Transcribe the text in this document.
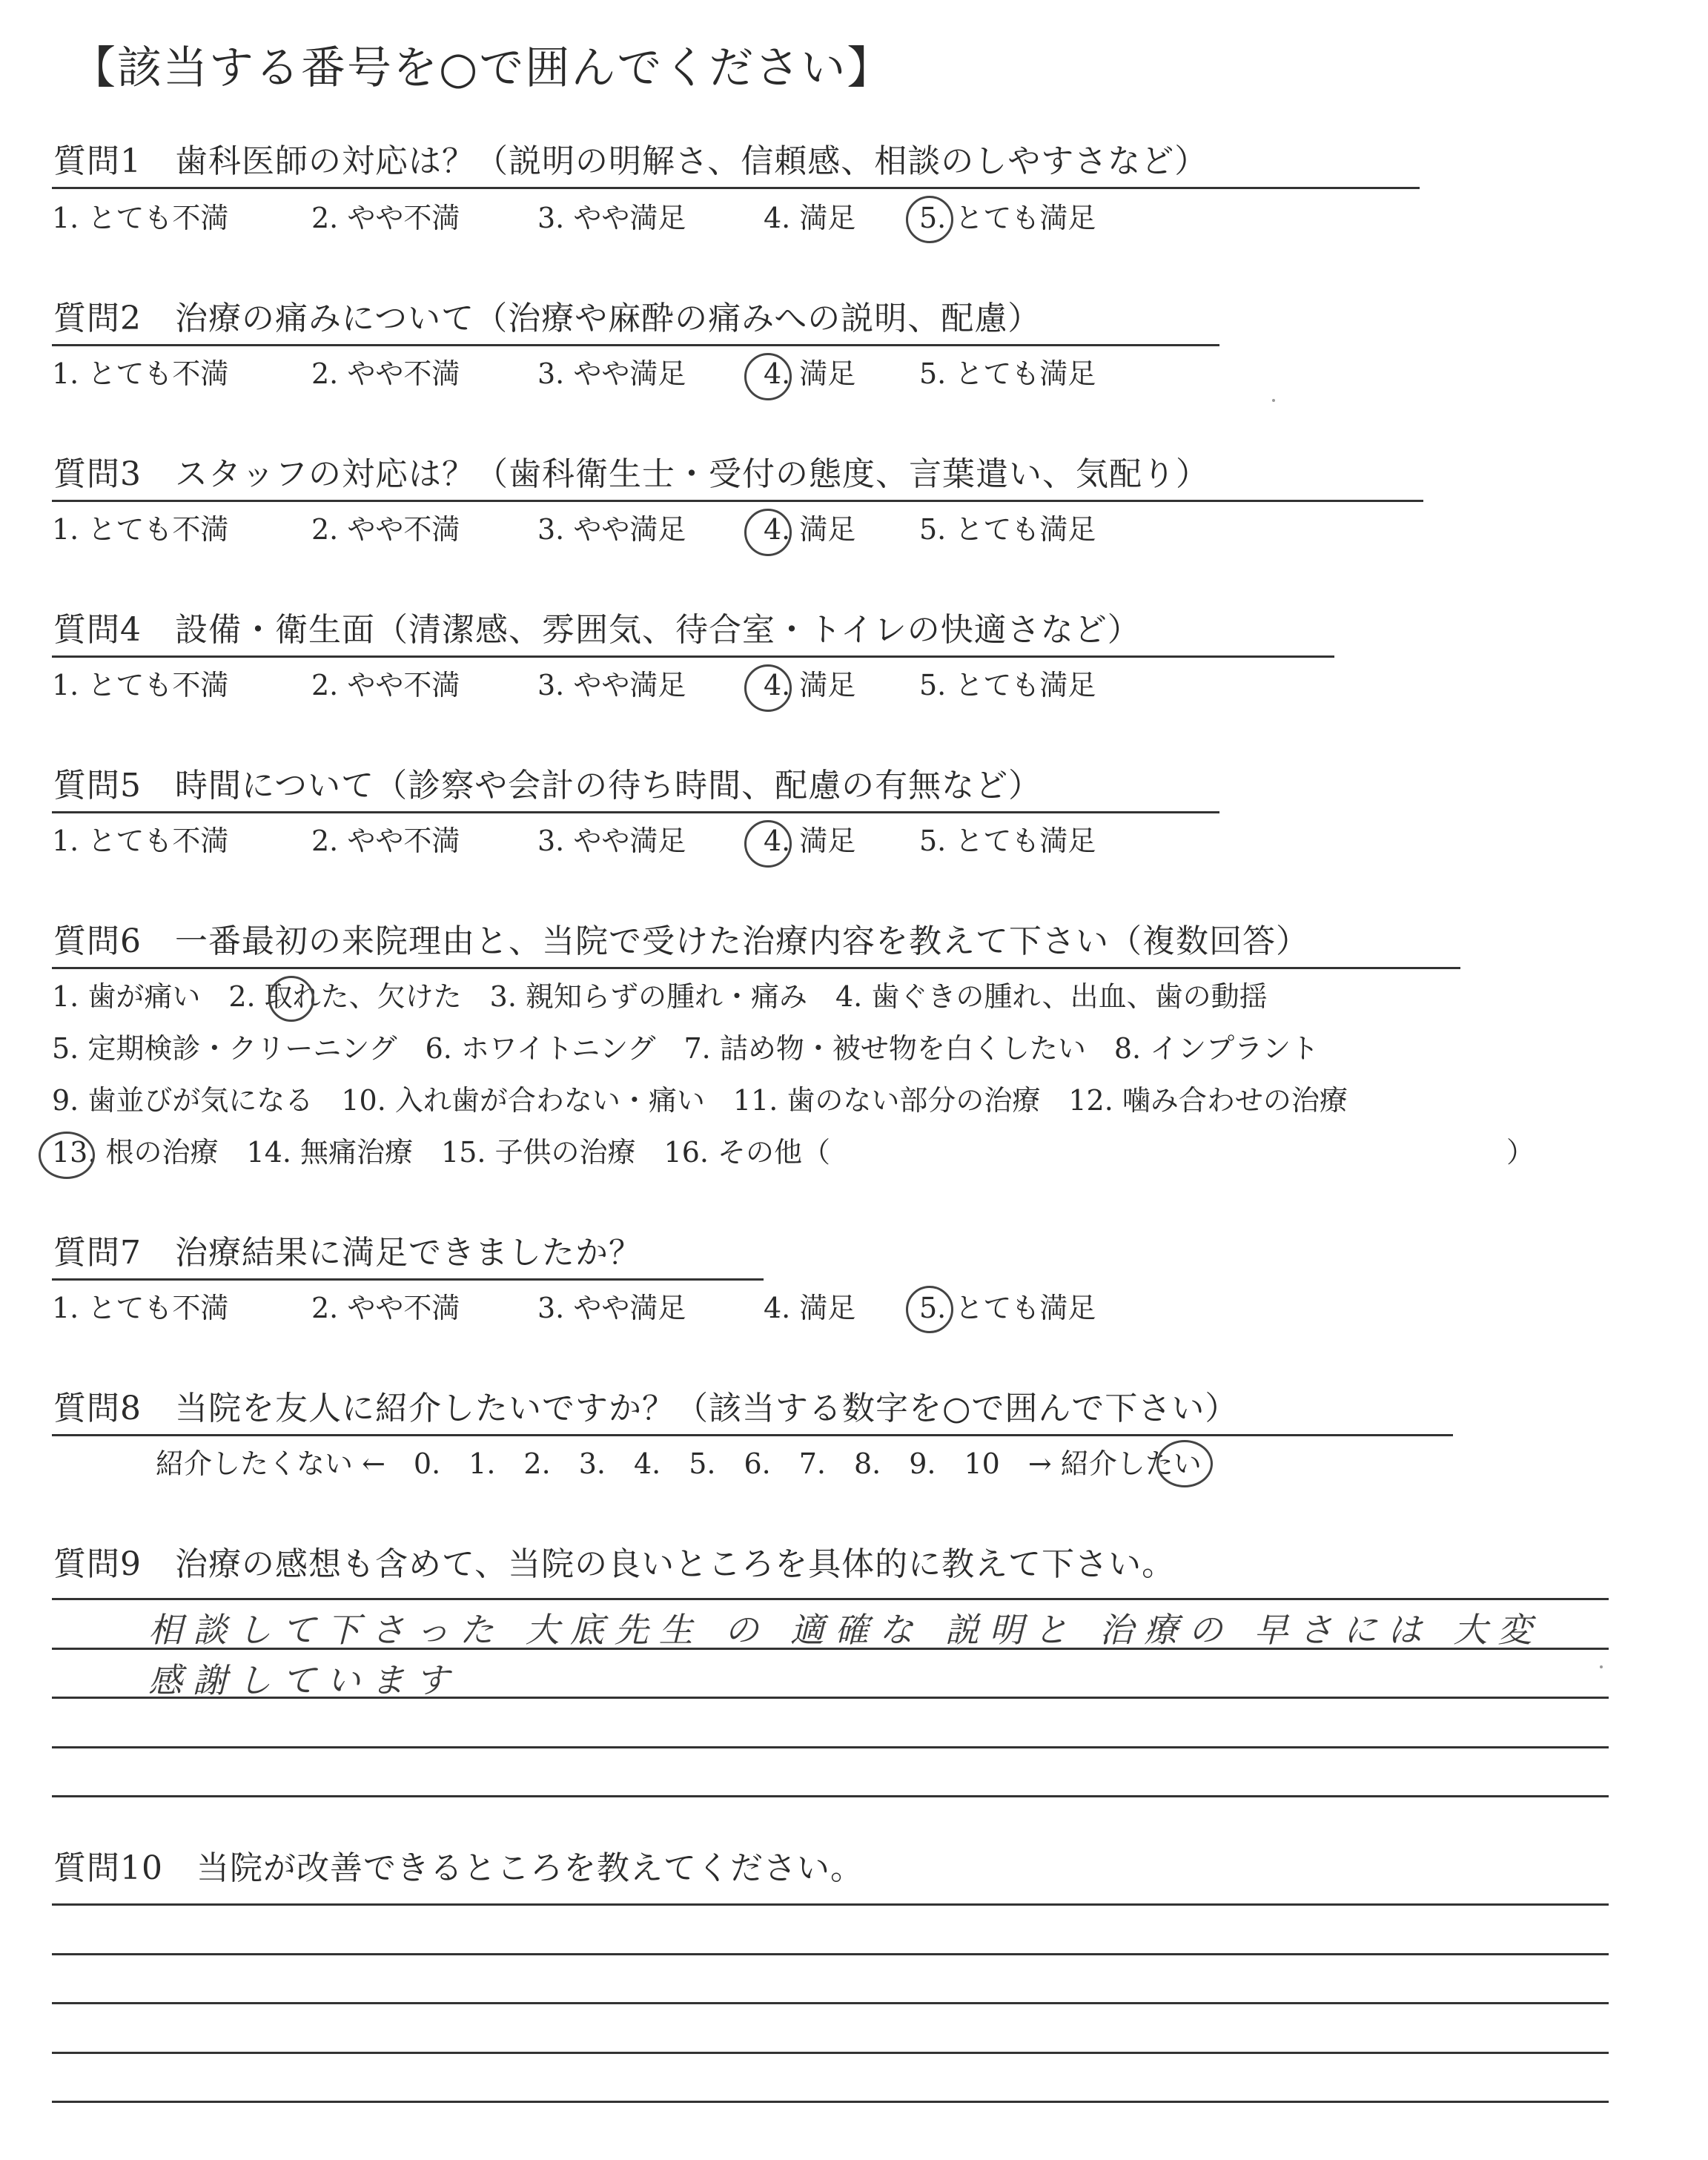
【該当する番号を○で囲んでください】
質問1　歯科医師の対応は？（説明の明解さ、信頼感、相談のしやすさなど）
1. とても不満	2. やや不満	3. やや満足	4. 満足 5. とても満足
質問2　治療の痛みについて（治療や麻酔の痛みへの説明、配慮）
1. とても不満	2. やや不満	3. やや満足	4. 満足 5. とても満足
質問3　スタッフの対応は？（歯科衛生士・受付の態度、言葉遣い、気配り）
1. とても不満	2. やや不満	3. やや満足	4. 満足 5. とても満足
質問4　設備・衛生面（清潔感、雰囲気、待合室・トイレの快適さなど）
1. とても不満	2. やや不満	3. やや満足	4. 満足 5. とても満足
質問5　時間について（診察や会計の待ち時間、配慮の有無など）
1. とても不満	2. やや不満	3. やや満足	4. 満足 5. とても満足
質問6　一番最初の来院理由と、当院で受けた治療内容を教えて下さい（複数回答）
1. 歯が痛い　2. 取れた、欠けた　3. 親知らずの腫れ・痛み　4. 歯ぐきの腫れ、出血、歯の動揺
5. 定期検診・クリーニング　6. ホワイトニング　7. 詰め物・被せ物を白くしたい　8. インプラント
9. 歯並びが気になる　10. 入れ歯が合わない・痛い　11. 歯のない部分の治療　12. 噛み合わせの治療
13. 根の治療　14. 無痛治療　15. 子供の治療　16. その他（　　　　　　　　　　　　　　　　　　　　　　　　）
質問7　治療結果に満足できましたか？
1. とても不満	2. やや不満	3. やや満足	4. 満足 5. とても満足
質問8　当院を友人に紹介したいですか？（該当する数字を○で囲んで下さい）
紹介したくない ←　0.　1.　2.　3.　4.　5.　6.　7.　8.　9.　10　→ 紹介したい
質問9　治療の感想も含めて、当院の良いところを具体的に教えて下さい。
相談して下さった 大底先生 の 適確な 説明と 治療の 早さには 大変
感謝しています
質問10　当院が改善できるところを教えてください。
